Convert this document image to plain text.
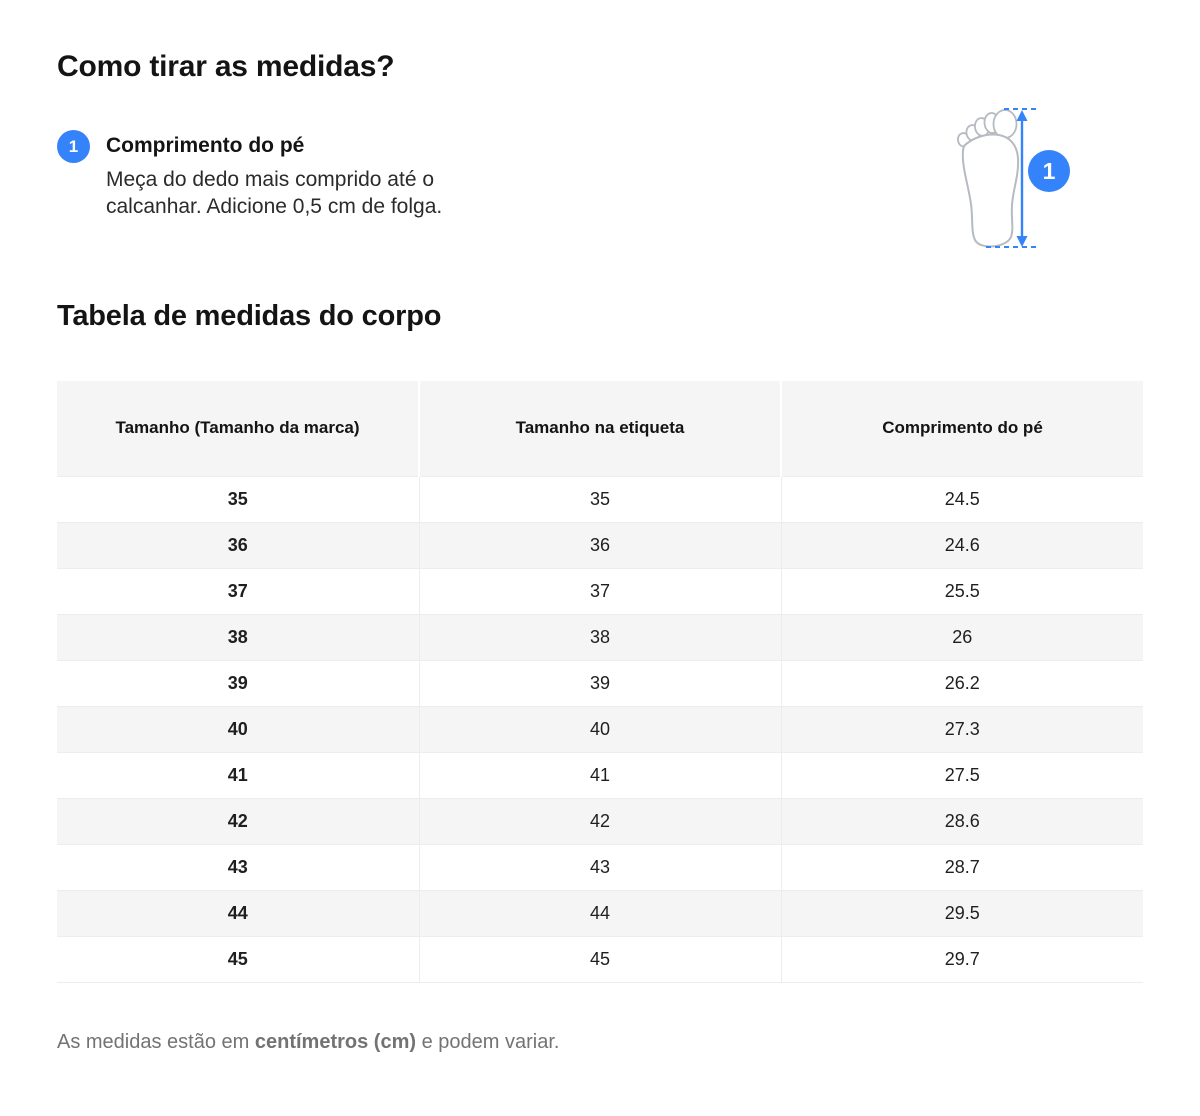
Como tirar as medidas?
1	Comprimento do pé
Meça do dedo mais comprido até o calcanhar. Adicione 0,5 cm de folga.
1
Tabela de medidas do corpo
Tamanho (Tamanho da marca)	Tamanho na etiqueta	Comprimento do pé
35	35	24.5
36	36	24.6
37	37	25.5
38	38	26
39	39	26.2
40	40	27.3
41	41	27.5
42	42	28.6
43	43	28.7
44	44	29.5
45	45	29.7

As medidas estão em centímetros (cm) e podem variar.
